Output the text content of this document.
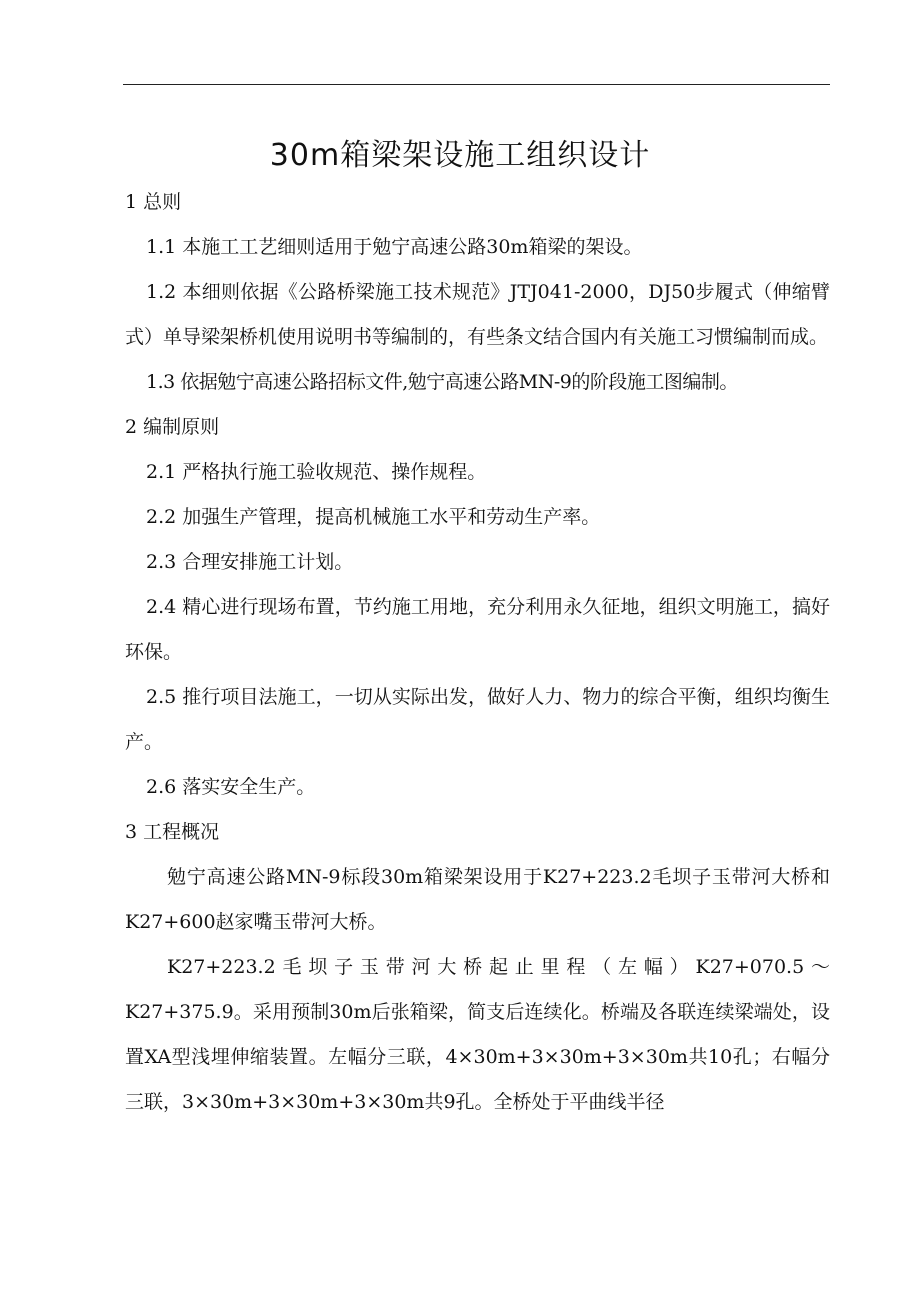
30m箱梁架设施工组织设计

1 总则

1.1 本施工工艺细则适用于勉宁高速公路30m箱梁的架设。

1.2 本细则依据《公路桥梁施工技术规范》JTJ041-2000，DJ50步履式（伸缩臂式）单导梁架桥机使用说明书等编制的，有些条文结合国内有关施工习惯编制而成。

1.3 依据勉宁高速公路招标文件,勉宁高速公路MN-9的阶段施工图编制。

2 编制原则

2.1 严格执行施工验收规范、操作规程。

2.2 加强生产管理，提高机械施工水平和劳动生产率。

2.3 合理安排施工计划。

2.4 精心进行现场布置，节约施工用地，充分利用永久征地，组织文明施工，搞好环保。

2.5 推行项目法施工，一切从实际出发，做好人力、物力的综合平衡，组织均衡生产。

2.6 落实安全生产。

3 工程概况

勉宁高速公路MN-9标段30m箱梁架设用于K27+223.2毛坝子玉带河大桥和K27+600赵家嘴玉带河大桥。

K27+223.2毛坝子玉带河大桥起止里程（左幅）K27+070.5～K27+375.9。采用预制30m后张箱梁，简支后连续化。桥端及各联连续梁端处，设置XA型浅埋伸缩装置。左幅分三联，4×30m+3×30m+3×30m共10孔；右幅分三联，3×30m+3×30m+3×30m共9孔。全桥处于平曲线半径
